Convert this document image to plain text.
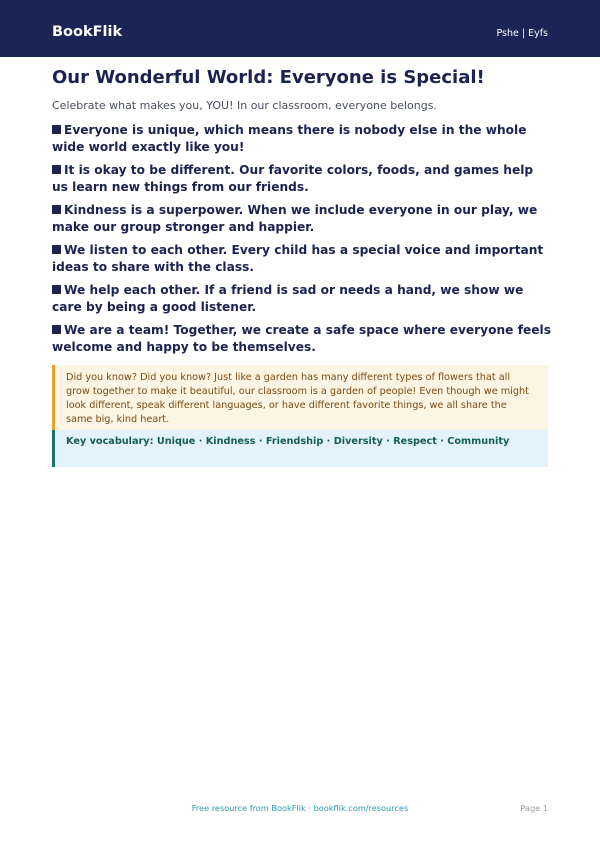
BookFlik	Pshe | Eyfs
Our Wonderful World: Everyone is Special!

Celebrate what makes you, YOU! In our classroom, everyone belongs.

Everyone is unique, which means there is nobody else in the whole wide world exactly like you!

It is okay to be different. Our favorite colors, foods, and games help us learn new things from our friends.

Kindness is a superpower. When we include everyone in our play, we make our group stronger and happier.

We listen to each other. Every child has a special voice and important ideas to share with the class.

We help each other. If a friend is sad or needs a hand, we show we care by being a good listener.

We are a team! Together, we create a safe space where everyone feels welcome and happy to be themselves.

Did you know? Did you know? Just like a garden has many different types of flowers that all grow together to make it beautiful, our classroom is a garden of people! Even though we might look different, speak different languages, or have different favorite things, we all share the same big, kind heart.
Key vocabulary: Unique · Kindness · Friendship · Diversity · Respect · Community
Free resource from BookFlik · bookflik.com/resources	Page 1
